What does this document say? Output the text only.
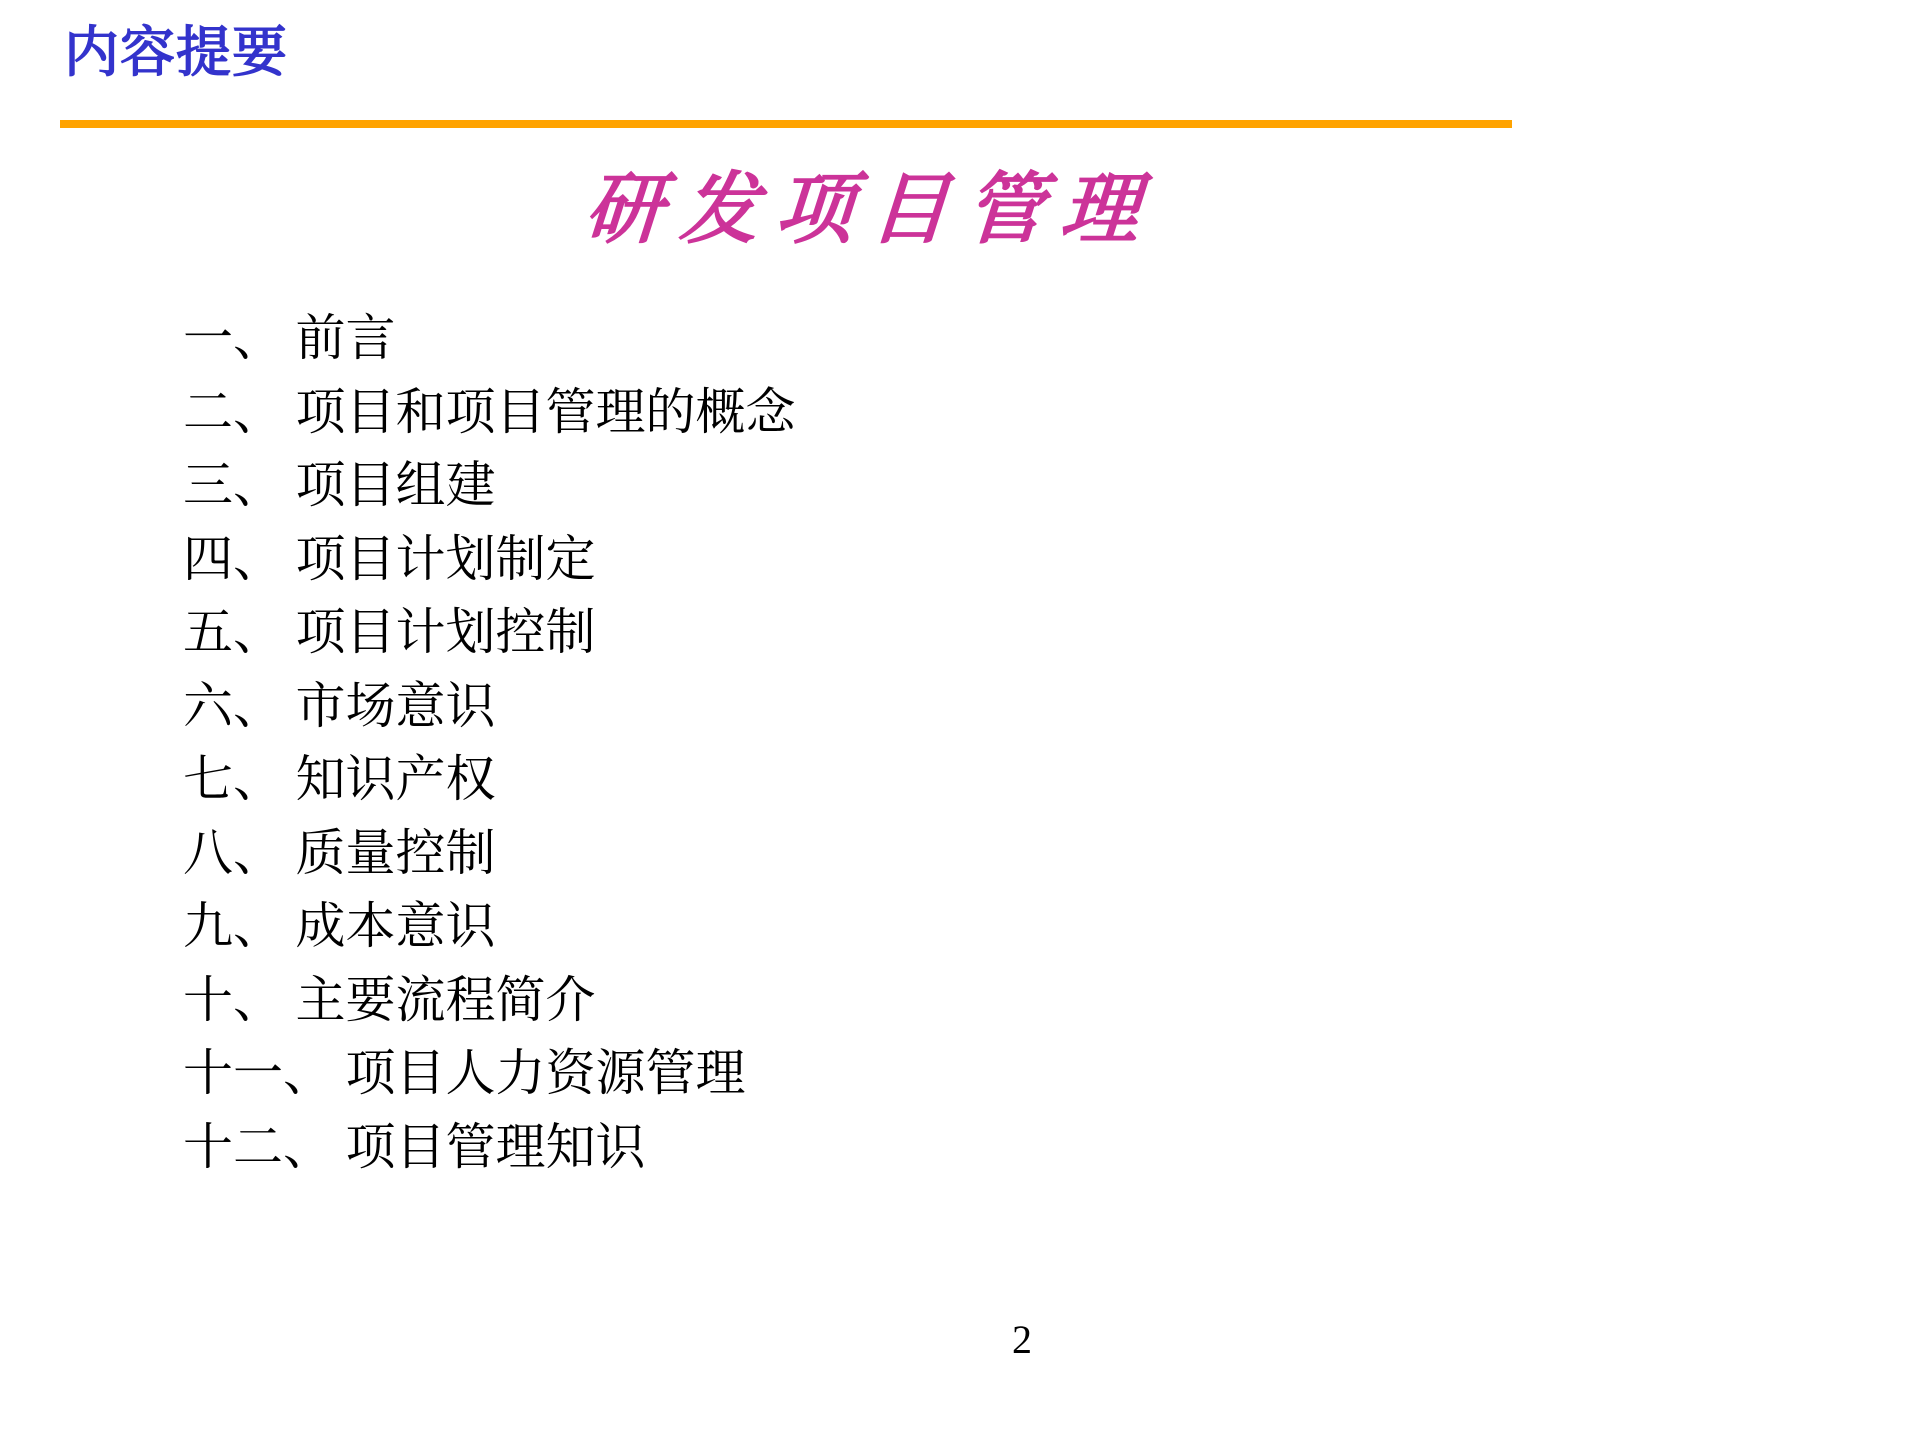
内容提要
研发项目管理
一、 前言
二、 项目和项目管理的概念
三、 项目组建
四、 项目计划制定
五、 项目计划控制
六、 市场意识
七、 知识产权
八、 质量控制
九、 成本意识
十、 主要流程简介
十一、 项目人力资源管理
十二、 项目管理知识
2
